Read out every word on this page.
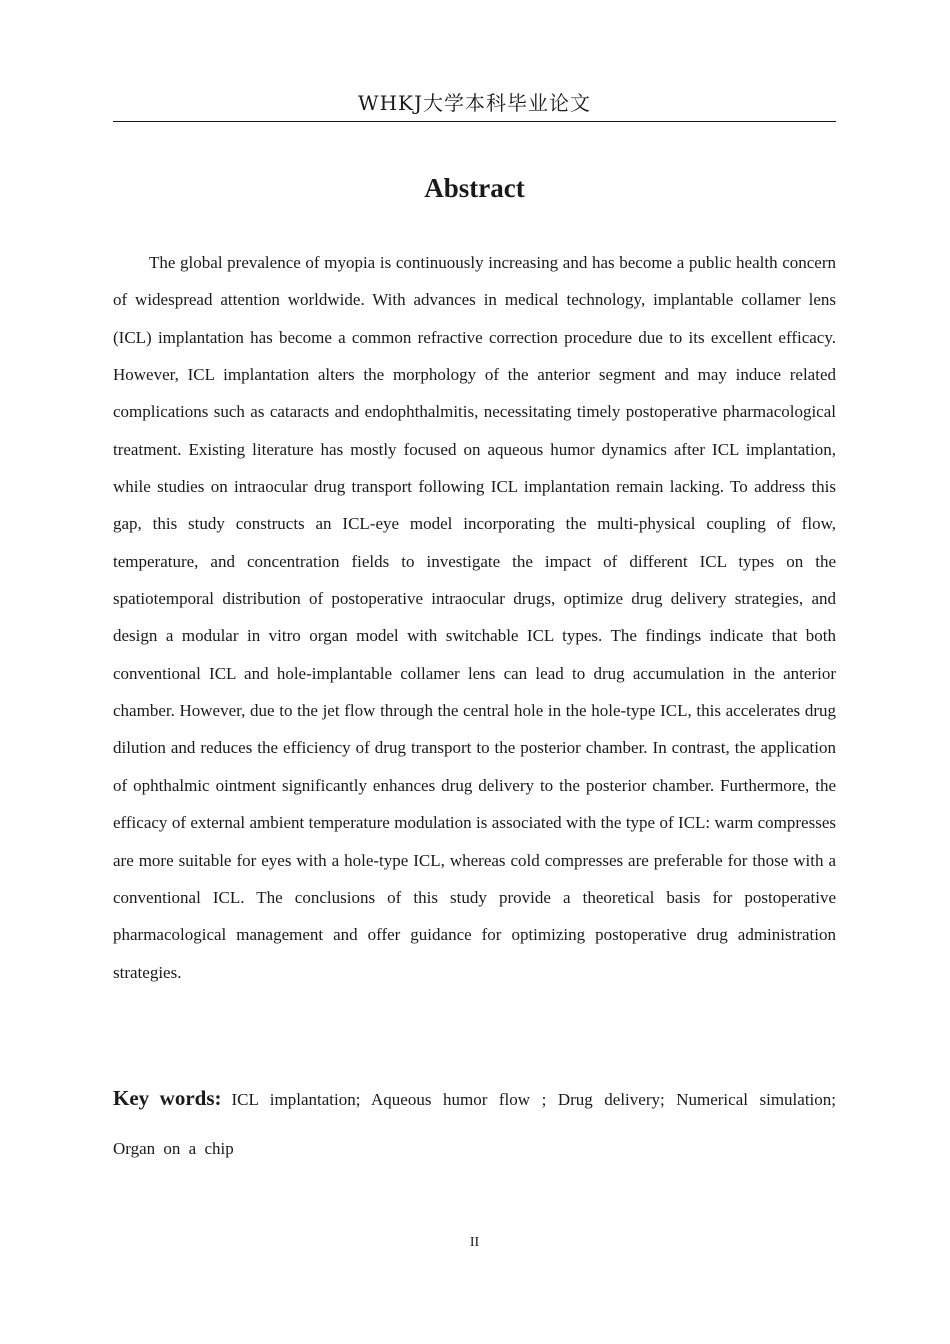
WHKJ大学本科毕业论文
Abstract

The global prevalence of myopia is continuously increasing and has become a public health concern of widespread attention worldwide. With advances in medical technology, implantable collamer lens (ICL) implantation has become a common refractive correction procedure due to its excellent efficacy. However, ICL implantation alters the morphology of the anterior segment and may induce related complications such as cataracts and endophthalmitis, necessitating timely postoperative pharmacological treatment. Existing literature has mostly focused on aqueous humor dynamics after ICL implantation, while studies on intraocular drug transport following ICL implantation remain lacking. To address this gap, this study constructs an ICL-eye model incorporating the multi-physical coupling of flow, temperature, and concentration fields to investigate the impact of different ICL types on the spatiotemporal distribution of postoperative intraocular drugs, optimize drug delivery strategies, and design a modular in vitro organ model with switchable ICL types. The findings indicate that both conventional ICL and hole-implantable collamer lens can lead to drug accumulation in the anterior chamber. However, due to the jet flow through the central hole in the hole-type ICL, this accelerates drug dilution and reduces the efficiency of drug transport to the posterior chamber. In contrast, the application of ophthalmic ointment significantly enhances drug delivery to the posterior chamber. Furthermore, the efficacy of external ambient temperature modulation is associated with the type of ICL: warm compresses are more suitable for eyes with a hole-type ICL, whereas cold compresses are preferable for those with a conventional ICL. The conclusions of this study provide a theoretical basis for postoperative pharmacological management and offer guidance for optimizing postoperative drug administration strategies.

Key words: ICL implantation; Aqueous humor flow ; Drug delivery; Numerical simulation; Organ on a chip

II
